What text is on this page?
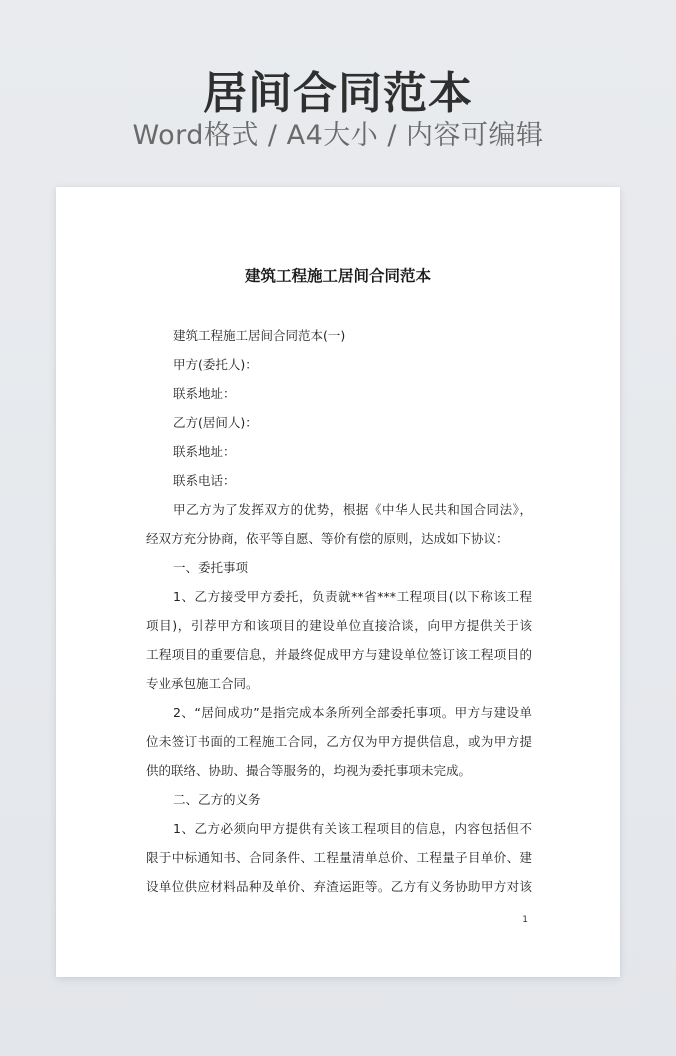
居间合同范本
Word格式 / A4大小 / 内容可编辑
建筑工程施工居间合同范本
建筑工程施工居间合同范本(一)
甲方(委托人)：
联系地址：
乙方(居间人)：
联系地址：
联系电话：
甲乙方为了发挥双方的优势，根据《中华人民共和国合同法》，
经双方充分协商，依平等自愿、等价有偿的原则，达成如下协议：
一、委托事项
1、乙方接受甲方委托，负责就**省***工程项目(以下称该工程
项目)，引荐甲方和该项目的建设单位直接洽谈，向甲方提供关于该
工程项目的重要信息，并最终促成甲方与建设单位签订该工程项目的
专业承包施工合同。
2、“居间成功”是指完成本条所列全部委托事项。甲方与建设单
位未签订书面的工程施工合同，乙方仅为甲方提供信息，或为甲方提
供的联络、协助、撮合等服务的，均视为委托事项未完成。
二、乙方的义务
1、乙方必须向甲方提供有关该工程项目的信息，内容包括但不
限于中标通知书、合同条件、工程量清单总价、工程量子目单价、建
设单位供应材料品种及单价、弃渣运距等。乙方有义务协助甲方对该
1
